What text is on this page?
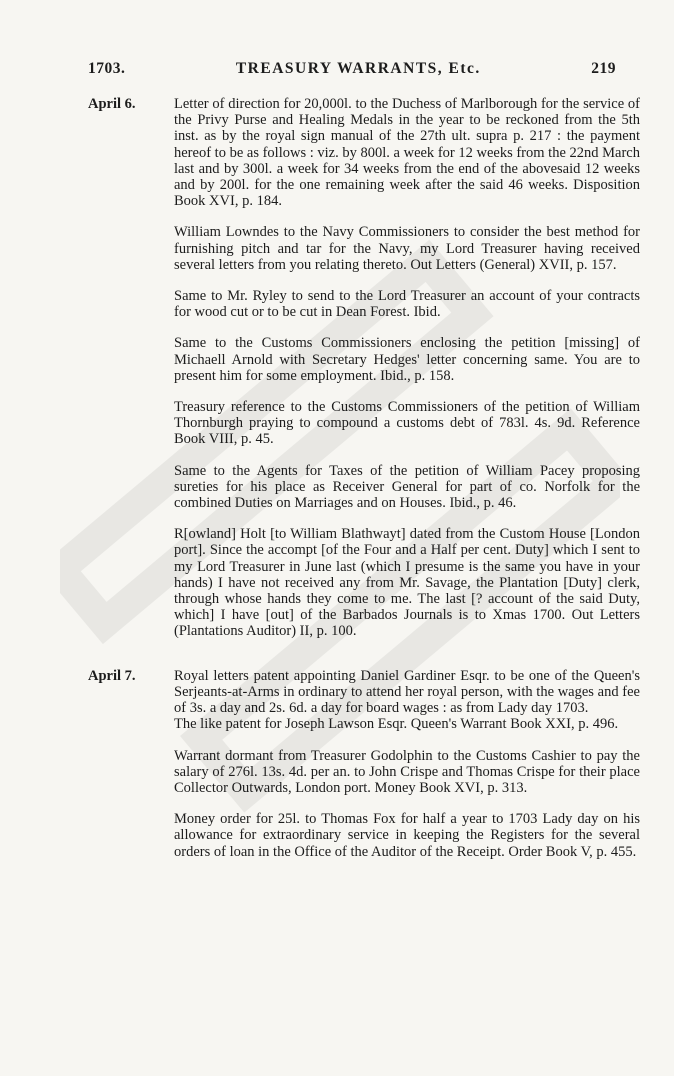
1703.	TREASURY WARRANTS, Etc.	219
April 6.	Letter of direction for 20,000l. to the Duchess of Marlborough for the service of the Privy Purse and Healing Medals in the year to be reckoned from the 5th inst. as by the royal sign manual of the 27th ult. supra p. 217 : the payment hereof to be as follows : viz. by 800l. a week for 12 weeks from the 22nd March last and by 300l. a week for 34 weeks from the end of the abovesaid 12 weeks and by 200l. for the one remaining week after the said 46 weeks. Disposition Book XVI, p. 184.
William Lowndes to the Navy Commissioners to consider the best method for furnishing pitch and tar for the Navy, my Lord Treasurer having received several letters from you relating thereto. Out Letters (General) XVII, p. 157.
Same to Mr. Ryley to send to the Lord Treasurer an account of your contracts for wood cut or to be cut in Dean Forest. Ibid.
Same to the Customs Commissioners enclosing the petition [missing] of Michaell Arnold with Secretary Hedges' letter concerning same. You are to present him for some employment. Ibid., p. 158.
Treasury reference to the Customs Commissioners of the petition of William Thornburgh praying to compound a customs debt of 783l. 4s. 9d. Reference Book VIII, p. 45.
Same to the Agents for Taxes of the petition of William Pacey proposing sureties for his place as Receiver General for part of co. Norfolk for the combined Duties on Marriages and on Houses. Ibid., p. 46.
R[owland] Holt [to William Blathwayt] dated from the Custom House [London port]. Since the accompt [of the Four and a Half per cent. Duty] which I sent to my Lord Treasurer in June last (which I presume is the same you have in your hands) I have not received any from Mr. Savage, the Plantation [Duty] clerk, through whose hands they come to me. The last [? account of the said Duty, which] I have [out] of the Barbados Journals is to Xmas 1700. Out Letters (Plantations Auditor) II, p. 100.
April 7.	Royal letters patent appointing Daniel Gardiner Esqr. to be one of the Queen's Serjeants-at-Arms in ordinary to attend her royal person, with the wages and fee of 3s. a day and 2s. 6d. a day for board wages : as from Lady day 1703.
The like patent for Joseph Lawson Esqr. Queen's Warrant Book XXI, p. 496.
Warrant dormant from Treasurer Godolphin to the Customs Cashier to pay the salary of 276l. 13s. 4d. per an. to John Crispe and Thomas Crispe for their place Collector Outwards, London port. Money Book XVI, p. 313.
Money order for 25l. to Thomas Fox for half a year to 1703 Lady day on his allowance for extraordinary service in keeping the Registers for the several orders of loan in the Office of the Auditor of the Receipt. Order Book V, p. 455.
